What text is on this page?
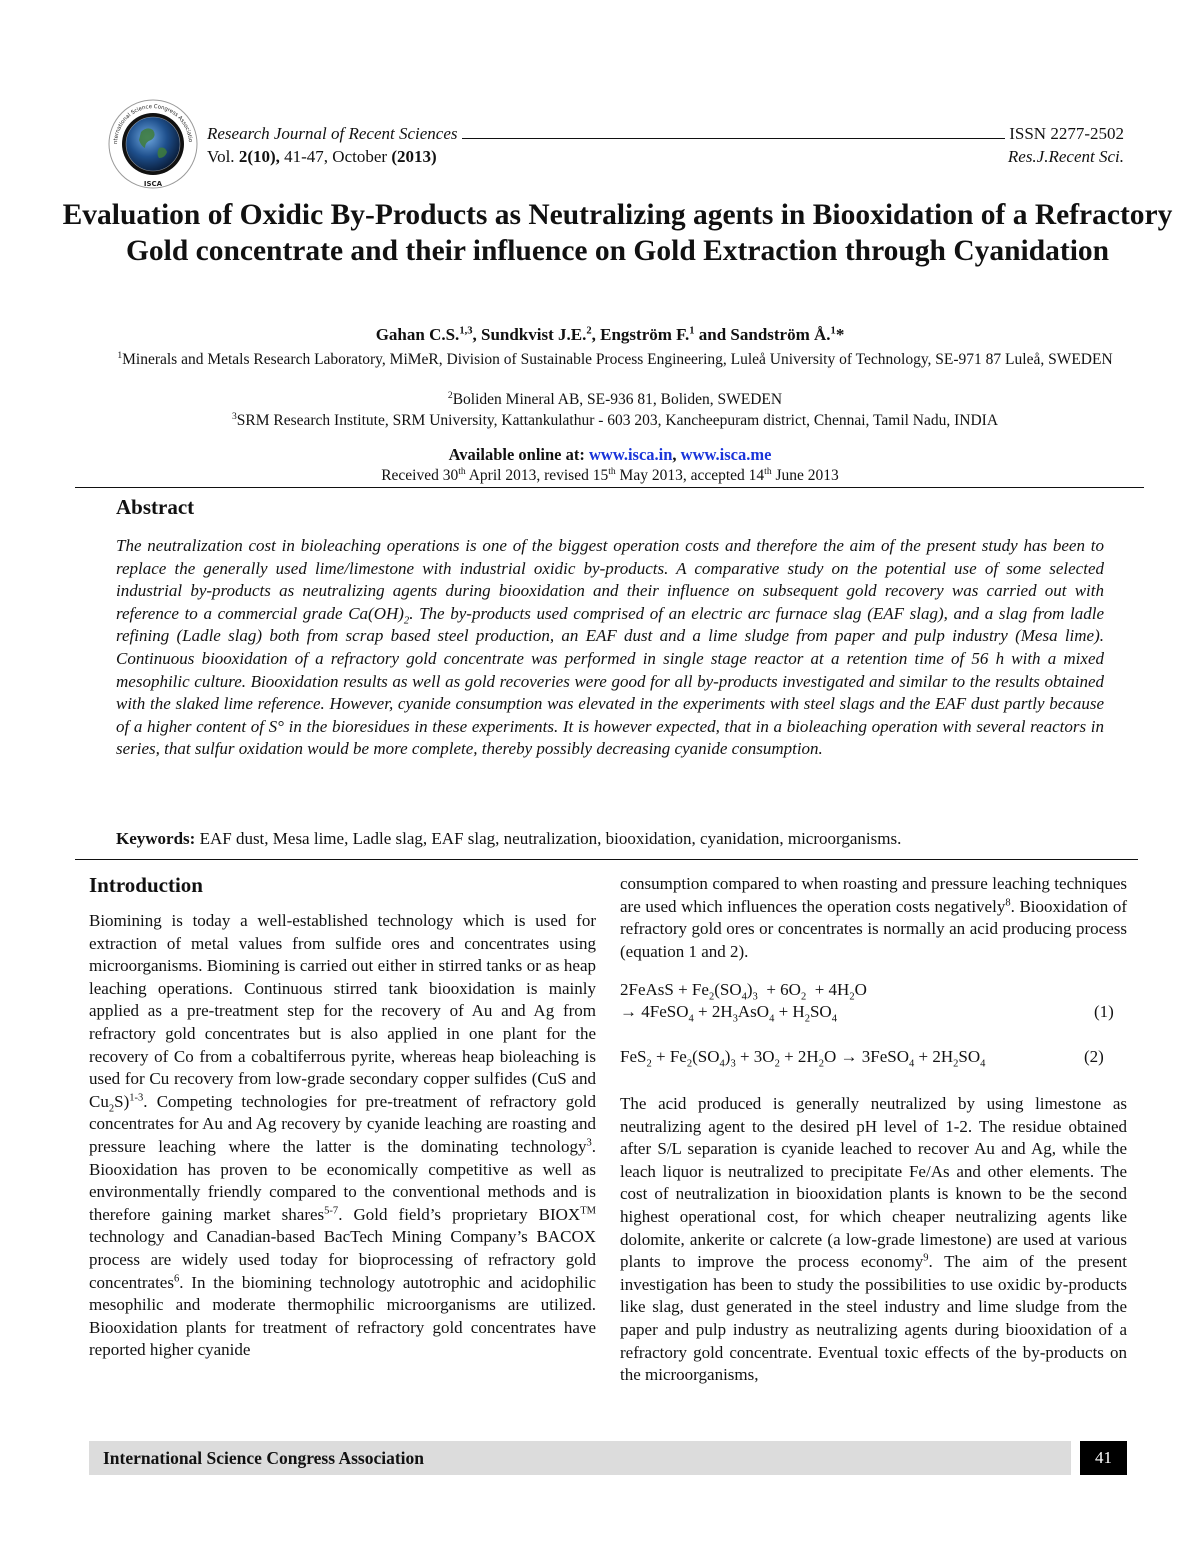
nternational Science Congress Associatio
ISCA
Research Journal of Recent Sciences	ISSN 2277-2502
Vol. 2(10), 41-47, October (2013)	Res.J.Recent Sci.
Evaluation of Oxidic By-Products as Neutralizing agents in Biooxidation of a Refractory Gold concentrate and their influence on Gold Extraction through Cyanidation
Gahan C.S.$^{1,3}$, Sundkvist J.E.$^2$, Engström F.$^1$ and Sandström Å.$^1$*
$^1$Minerals and Metals Research Laboratory, MiMeR, Division of Sustainable Process Engineering, Luleå University of Technology, SE-971 87 Luleå, SWEDEN
$^2$Boliden Mineral AB, SE-936 81, Boliden, SWEDEN
$^3$SRM Research Institute, SRM University, Kattankulathur - 603 203, Kancheepuram district, Chennai, Tamil Nadu, INDIA
Available online at: www.isca.in, www.isca.me
Received 30th April 2013, revised 15th May 2013, accepted 14th June 2013
Abstract
The neutralization cost in bioleaching operations is one of the biggest operation costs and therefore the aim of the present study has been to replace the generally used lime/limestone with industrial oxidic by-products. A comparative study on the potential use of some selected industrial by-products as neutralizing agents during biooxidation and their influence on subsequent gold recovery was carried out with reference to a commercial grade $Ca(OH)_2$. The by-products used comprised of an electric arc furnace slag (EAF slag), and a slag from ladle refining (Ladle slag) both from scrap based steel production, an EAF dust and a lime sludge from paper and pulp industry (Mesa lime). Continuous biooxidation of a refractory gold concentrate was performed in single stage reactor at a retention time of 56 h with a mixed mesophilic culture. Biooxidation results as well as gold recoveries were good for all by-products investigated and similar to the results obtained with the slaked lime reference. However, cyanide consumption was elevated in the experiments with steel slags and the EAF dust partly because of a higher content of S° in the bioresidues in these experiments. It is however expected, that in a bioleaching operation with several reactors in series, that sulfur oxidation would be more complete, thereby possibly decreasing cyanide consumption.
Keywords: EAF dust, Mesa lime, Ladle slag, EAF slag, neutralization, biooxidation, cyanidation, microorganisms.
Introduction
Biomining is today a well-established technology which is used for extraction of metal values from sulfide ores and concentrates using microorganisms. Biomining is carried out either in stirred tanks or as heap leaching operations. Continuous stirred tank biooxidation is mainly applied as a pre-treatment step for the recovery of Au and Ag from refractory gold concentrates but is also applied in one plant for the recovery of Co from a cobaltiferrous pyrite, whereas heap bioleaching is used for Cu recovery from low-grade secondary copper sulfides (CuS and $Cu_2S)^{1-3}$. Competing technologies for pre-treatment of refractory gold concentrates for Au and Ag recovery by cyanide leaching are roasting and pressure leaching where the latter is the dominating technology$^3$. Biooxidation has proven to be economically competitive as well as environmentally friendly compared to the conventional methods and is therefore gaining market shares$^{5-7}$. Gold field’s proprietary BIOX™ technology and Canadian-based BacTech Mining Company’s BACOX process are widely used today for bioprocessing of refractory gold concentrates$^6$. In the biomining technology autotrophic and acidophilic mesophilic and moderate thermophilic microorganisms are utilized. Biooxidation plants for treatment of refractory gold concentrates have reported higher cyanide
consumption compared to when roasting and pressure leaching techniques are used which influences the operation costs negatively$^8$. Biooxidation of refractory gold ores or concentrates is normally an acid producing process (equation 1 and 2).
2FeAsS + $Fe_2(SO_4)_3 + 6O_2 + 4H_2O$
→ 4FeSO$_4$ + $2H_3AsO_4 + H_2SO_4$	(1)
$FeS_2 + Fe_2(SO_4)_3 + 3O_2 + 2H_2O$ → 3FeSO$_4$ + $2H_2SO_4$	(2)
The acid produced is generally neutralized by using limestone as neutralizing agent to the desired pH level of 1-2. The residue obtained after S/L separation is cyanide leached to recover Au and Ag, while the leach liquor is neutralized to precipitate Fe/As and other elements. The cost of neutralization in biooxidation plants is known to be the second highest operational cost, for which cheaper neutralizing agents like dolomite, ankerite or calcrete (a low-grade limestone) are used at various plants to improve the process economy$^9$. The aim of the present investigation has been to study the possibilities to use oxidic by-products like slag, dust generated in the steel industry and lime sludge from the paper and pulp industry as neutralizing agents during biooxidation of a refractory gold concentrate. Eventual toxic effects of the by-products on the microorganisms,
International Science Congress Association	41
